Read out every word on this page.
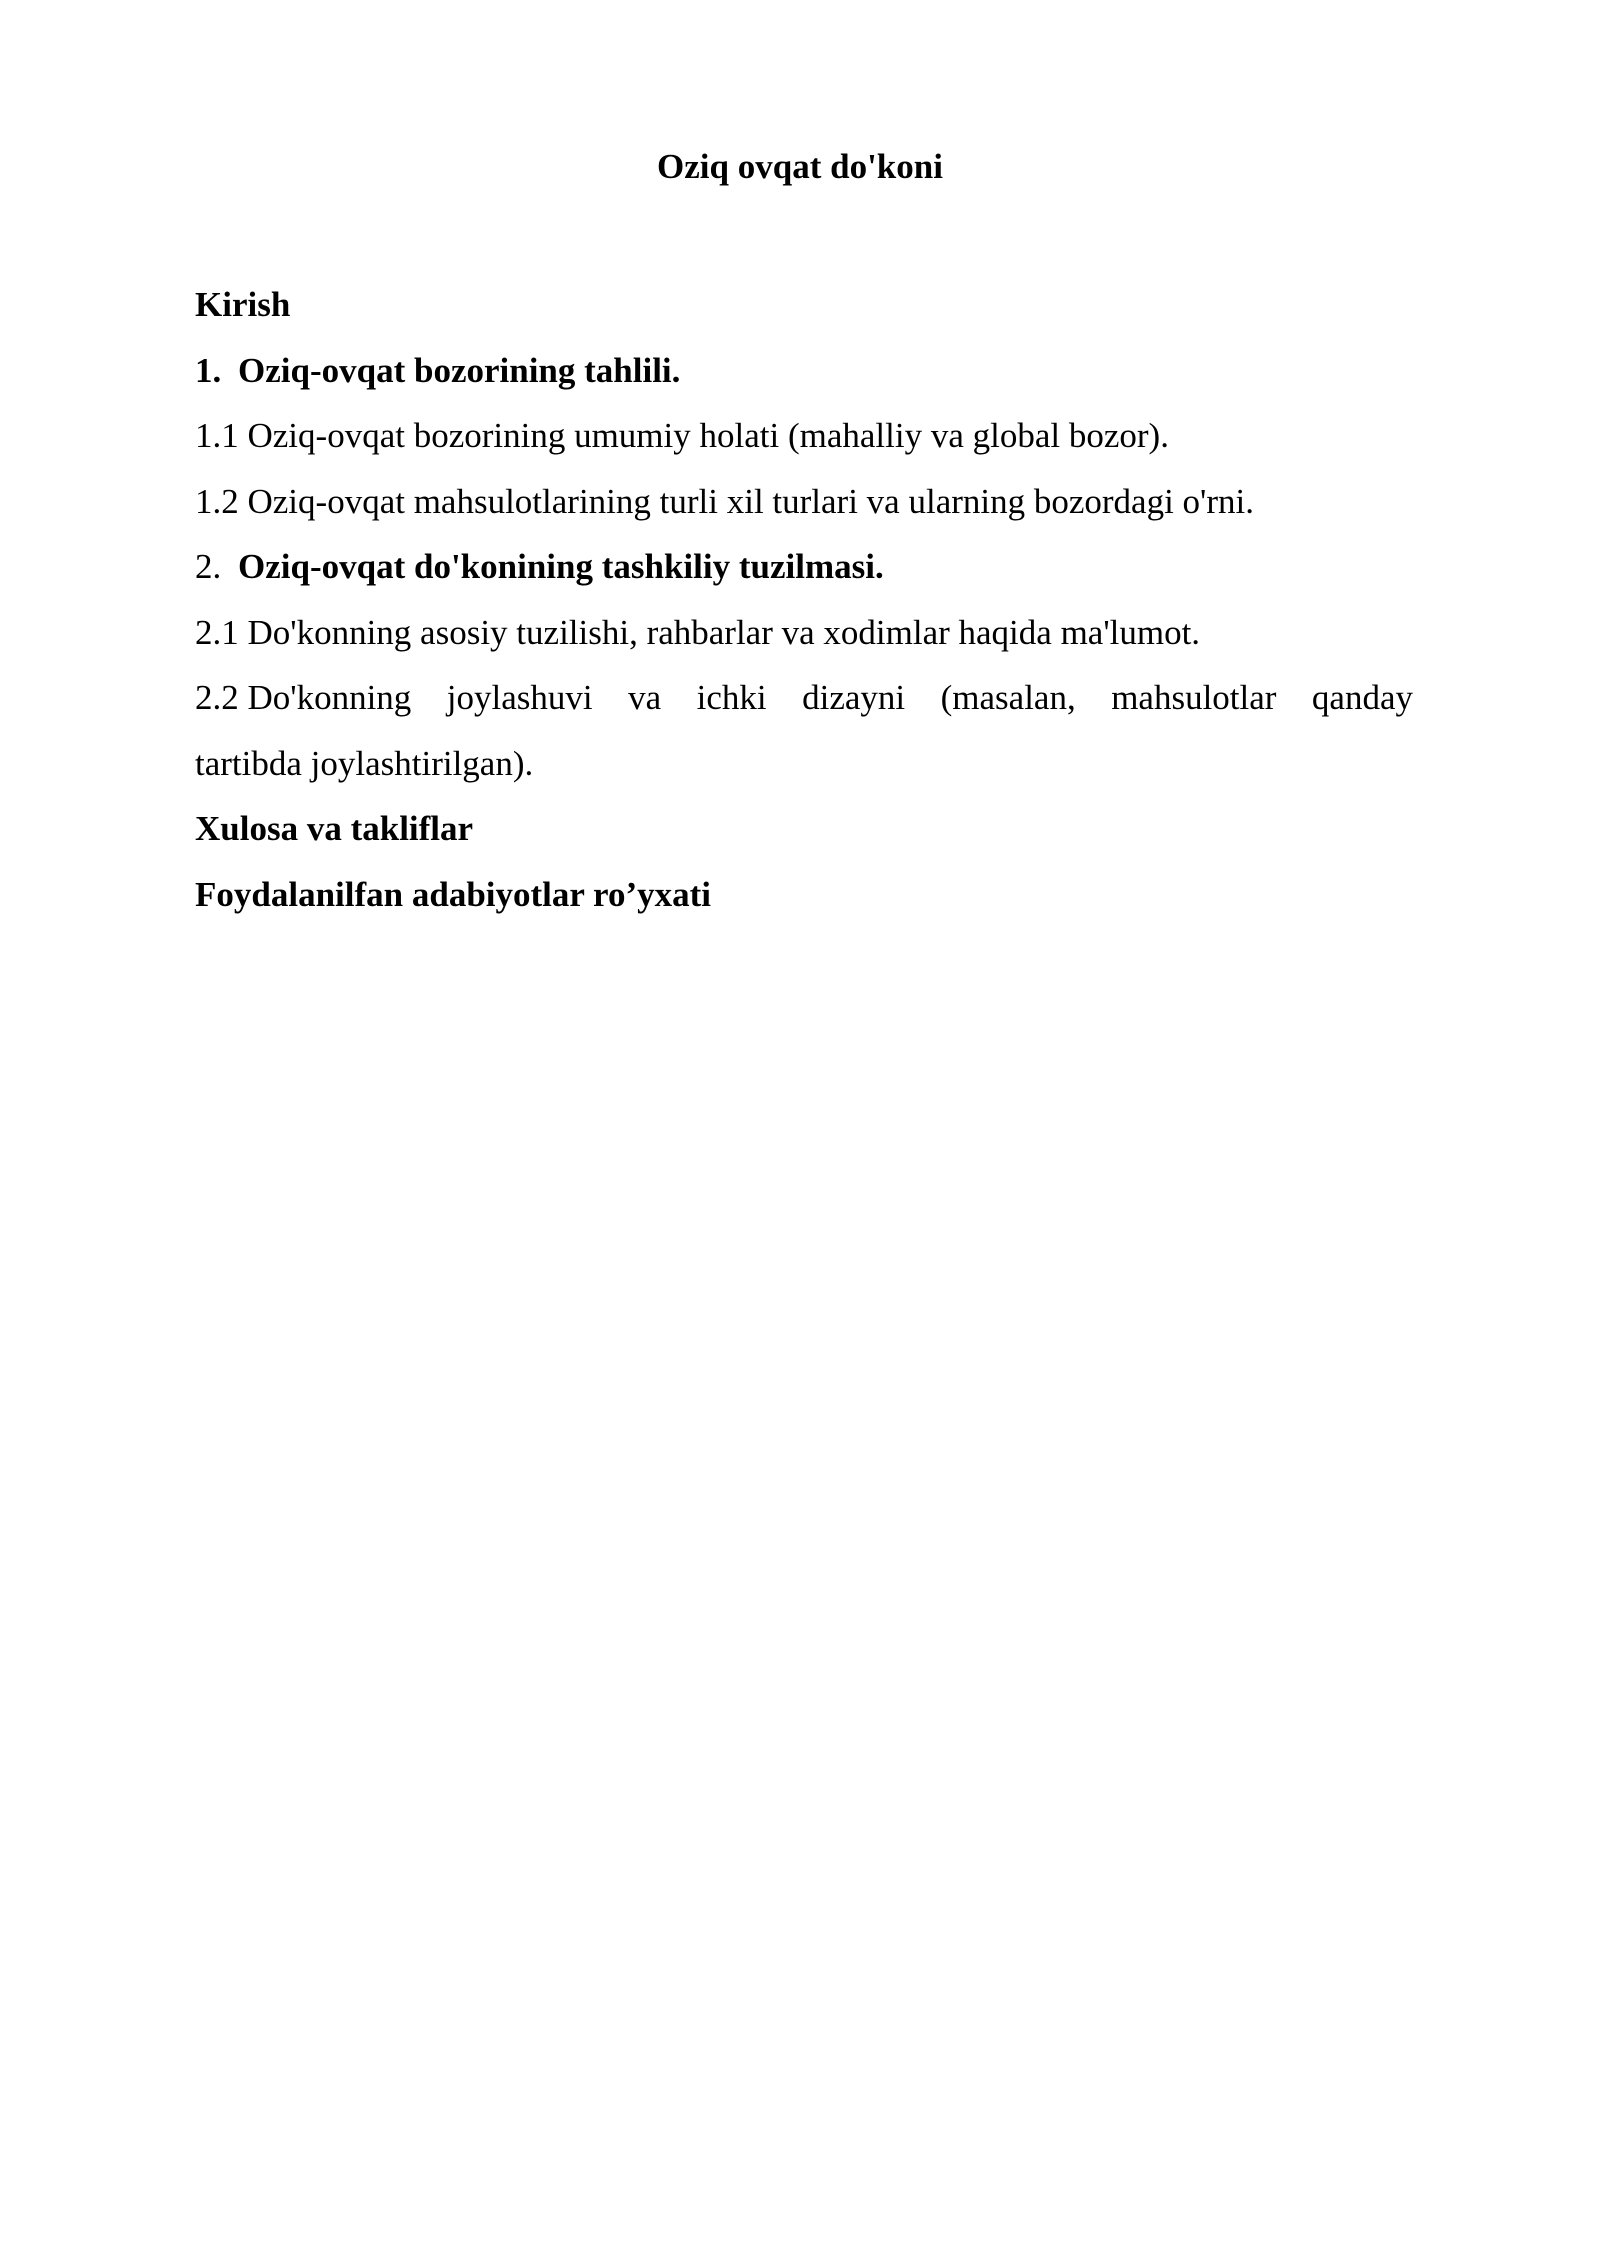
Oziq ovqat do'koni

Kirish

1. Oziq-ovqat bozorining tahlili.

1.1 Oziq-ovqat bozorining umumiy holati (mahalliy va global bozor).

1.2 Oziq-ovqat mahsulotlarining turli xil turlari va ularning bozordagi o'rni.

2. Oziq-ovqat do'konining tashkiliy tuzilmasi.

2.1 Do'konning asosiy tuzilishi, rahbarlar va xodimlar haqida ma'lumot.

2.2 Do'konning joylashuvi va ichki dizayni (masalan, mahsulotlar qanday

tartibda joylashtirilgan).

Xulosa va takliflar

Foydalanilfan adabiyotlar ro’yxati
